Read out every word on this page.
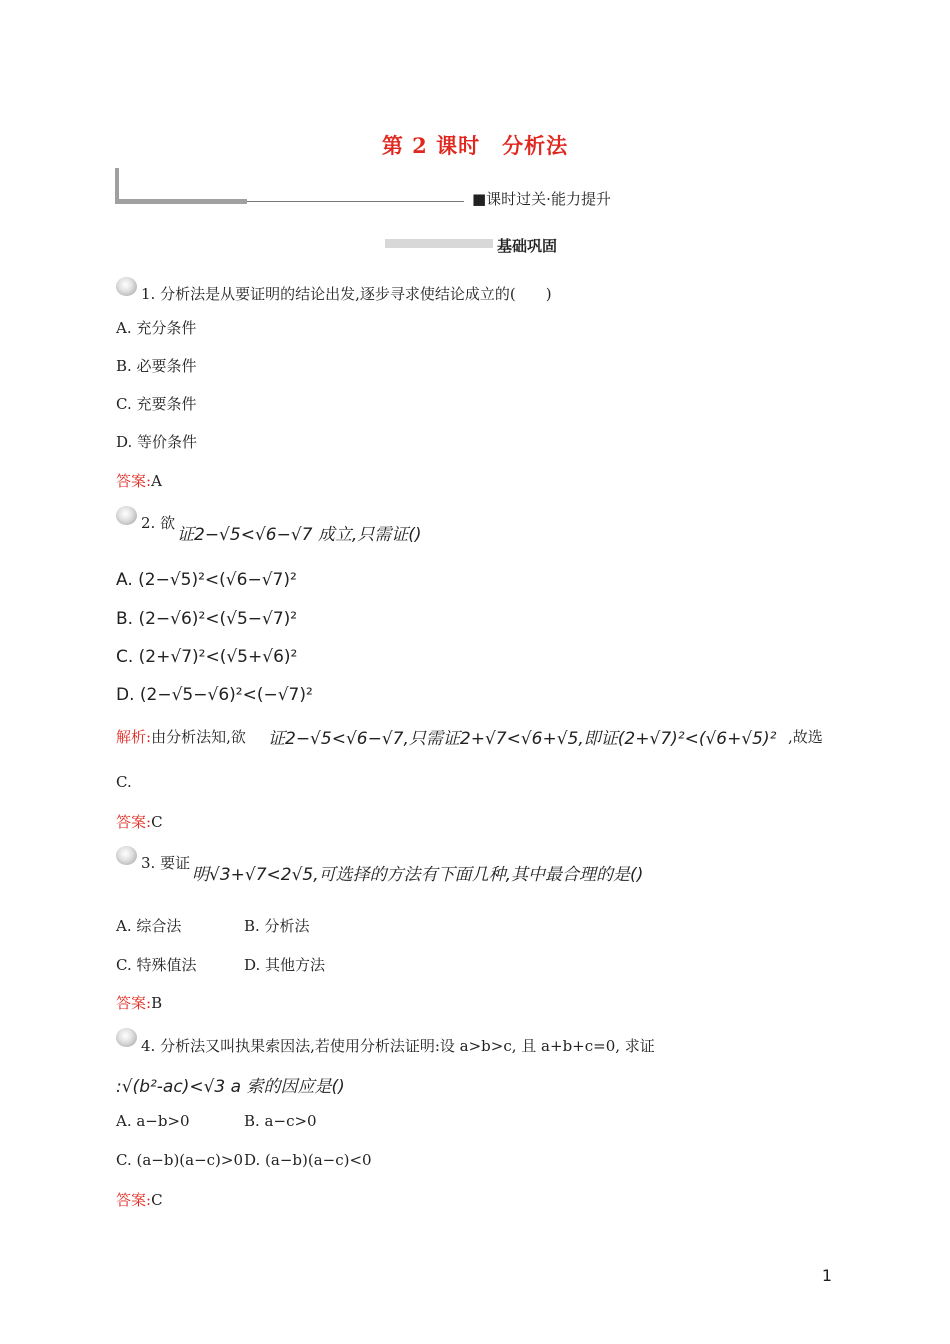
第 2 课时　分析法
■课时过关·能力提升
基础巩固
1. 分析法是从要证明的结论出发,逐步寻求使结论成立的(　　)
A. 充分条件
B. 必要条件
C. 充要条件
D. 等价条件
答案:A
2. 欲
证2−√5<√6−√7 成立,只需证()
A. (2−√5)²<(√6−√7)²
B. (2−√6)²<(√5−√7)²
C. (2+√7)²<(√5+√6)²
D. (2−√5−√6)²<(−√7)²
解析:由分析法知,欲 证2−√5<√6−√7,只需证2+√7<√6+√5,即证(2+√7)²<(√6+√5)² ,故选
C.
答案:C
3. 要证
明√3+√7<2√5,可选择的方法有下面几种,其中最合理的是()
A. 综合法	B. 分析法
C. 特殊值法	D. 其他方法
答案:B
4. 分析法又叫执果索因法,若使用分析法证明:设 a>b>c, 且 a+b+c=0, 求证
:√(b²-ac)<√3 a 索的因应是()
A. a−b>0	B. a−c>0
C. (a−b)(a−c)>0 D. (a−b)(a−c)<0
答案:C
1
